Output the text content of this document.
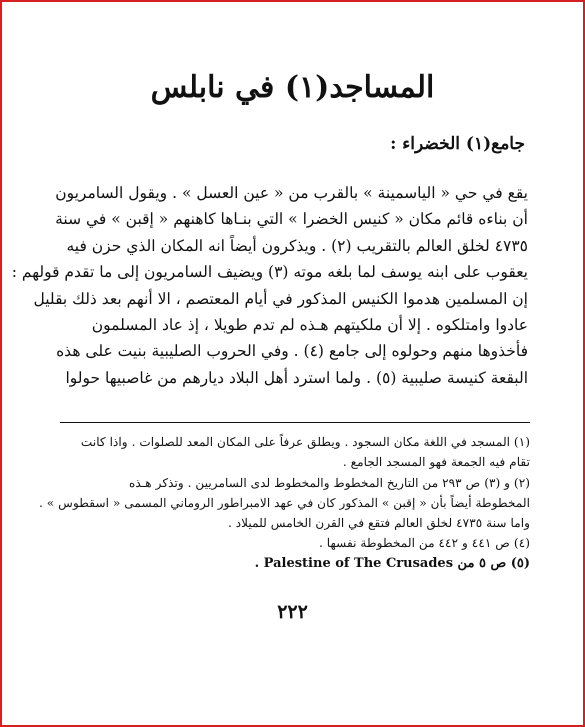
المساجد(١) في نابلس
جامع(١) الخضراء :
يقع في حي « الياسمينة » بالقرب من « عين العسل » . ويقول السامريون
أن بناءه قائم مكان « كنيس الخضرا » التي بنـاها كاهنهم « إقبن » في سنة
٤٧٣٥ لخلق العالم بالتقريب (٢) . ويذكرون أيضاً انه المكان الذي حزن فيه
يعقوب على ابنه يوسف لما بلغه موته (٣) ويضيف السامريون إلى ما تقدم قولهم :
إن المسلمين هدموا الكنيس المذكور في أيام المعتصم ، الا أنهم بعد ذلك بقليل
عادوا وامتلكوه . إلا أن ملكيتهم هـذه لم تدم طويلا ، إذ عاد المسلمون
فأخذوها منهم وحولوه إلى جامع (٤) . وفي الحروب الصليبية بنيت على هذه
البقعة كنيسة صليبية (٥) . ولما استرد أهل البلاد ديارهم من غاصبيها حولوا
(١) المسجد في اللغة مكان السجود . ويطلق عرفاً على المكان المعد للصلوات . واذا كانت
تقام فيه الجمعة فهو المسجد الجامع .
(٢) و (٣) ص ٢٩٣ من التاريخ المخطوط والمخطوط لدى السامريين . وتذكر هـذه
المخطوطة أيضاً بأن « إقبن » المذكور كان في عهد الامبراطور الروماني المسمى « اسقطوس » .
واما سنة ٤٧٣٥ لخلق العالم فتقع في القرن الخامس للميلاد .
(٤) ص ٤٤١ و ٤٤٢ من المخطوطة نفسها .
(٥) ص ٥ من Palestine of The Crusades .
٢٢٢
